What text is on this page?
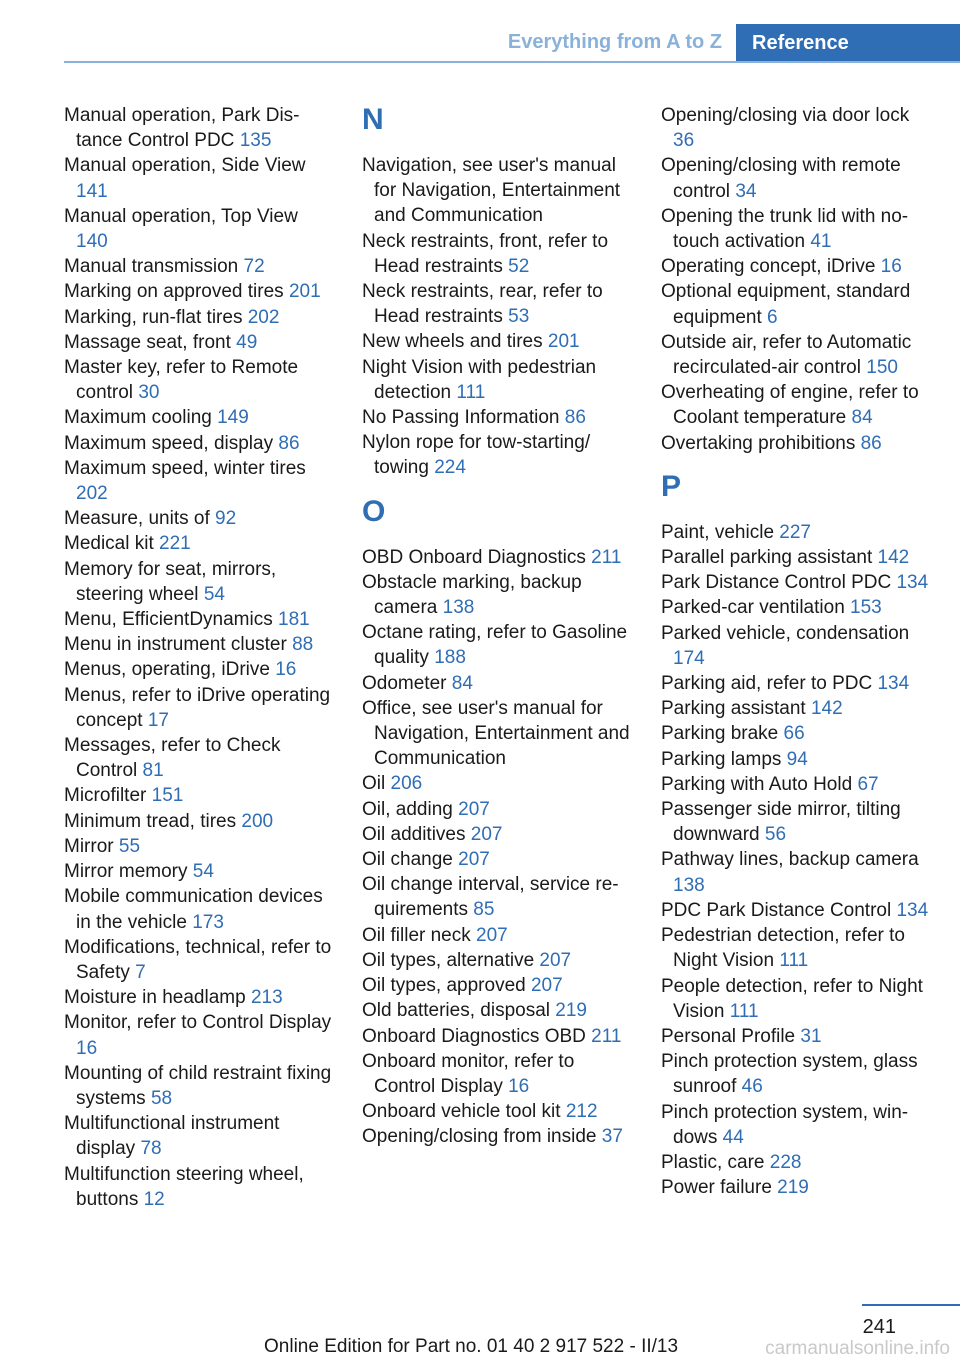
Everything from A to Z	Reference
Manual operation, Park Distance Control PDC 135
Manual operation, Side View 141
Manual operation, Top View 140
Manual transmission 72
Marking on approved tires 201
Marking, run-flat tires 202
Massage seat, front 49
Master key, refer to Remote control 30
Maximum cooling 149
Maximum speed, display 86
Maximum speed, winter tires 202
Measure, units of 92
Medical kit 221
Memory for seat, mirrors, steering wheel 54
Menu, EfficientDynamics 181
Menu in instrument cluster 88
Menus, operating, iDrive 16
Menus, refer to iDrive operating concept 17
Messages, refer to Check Control 81
Microfilter 151
Minimum tread, tires 200
Mirror 55
Mirror memory 54
Mobile communication devices in the vehicle 173
Modifications, technical, refer to Safety 7
Moisture in headlamp 213
Monitor, refer to Control Display 16
Mounting of child restraint fixing systems 58
Multifunctional instrument display 78
Multifunction steering wheel, buttons 12
N
Navigation, see user's manual for Navigation, Entertainment and Communication
Neck restraints, front, refer to Head restraints 52
Neck restraints, rear, refer to Head restraints 53
New wheels and tires 201
Night Vision with pedestrian detection 111
No Passing Information 86
Nylon rope for tow-starting/ towing 224
O
OBD Onboard Diagnostics 211
Obstacle marking, backup camera 138
Octane rating, refer to Gasoline quality 188
Odometer 84
Office, see user's manual for Navigation, Entertainment and Communication
Oil 206
Oil, adding 207
Oil additives 207
Oil change 207
Oil change interval, service requirements 85
Oil filler neck 207
Oil types, alternative 207
Oil types, approved 207
Old batteries, disposal 219
Onboard Diagnostics OBD 211
Onboard monitor, refer to Control Display 16
Onboard vehicle tool kit 212
Opening/closing from inside 37
Opening/closing via door lock 36
Opening/closing with remote control 34
Opening the trunk lid with no-touch activation 41
Operating concept, iDrive 16
Optional equipment, standard equipment 6
Outside air, refer to Automatic recirculated-air control 150
Overheating of engine, refer to Coolant temperature 84
Overtaking prohibitions 86
P
Paint, vehicle 227
Parallel parking assistant 142
Park Distance Control PDC 134
Parked-car ventilation 153
Parked vehicle, condensation 174
Parking aid, refer to PDC 134
Parking assistant 142
Parking brake 66
Parking lamps 94
Parking with Auto Hold 67
Passenger side mirror, tilting downward 56
Pathway lines, backup camera 138
PDC Park Distance Control 134
Pedestrian detection, refer to Night Vision 111
People detection, refer to Night Vision 111
Personal Profile 31
Pinch protection system, glass sunroof 46
Pinch protection system, windows 44
Plastic, care 228
Power failure 219
241
Online Edition for Part no. 01 40 2 917 522 - II/13	carmanualsonline.info
